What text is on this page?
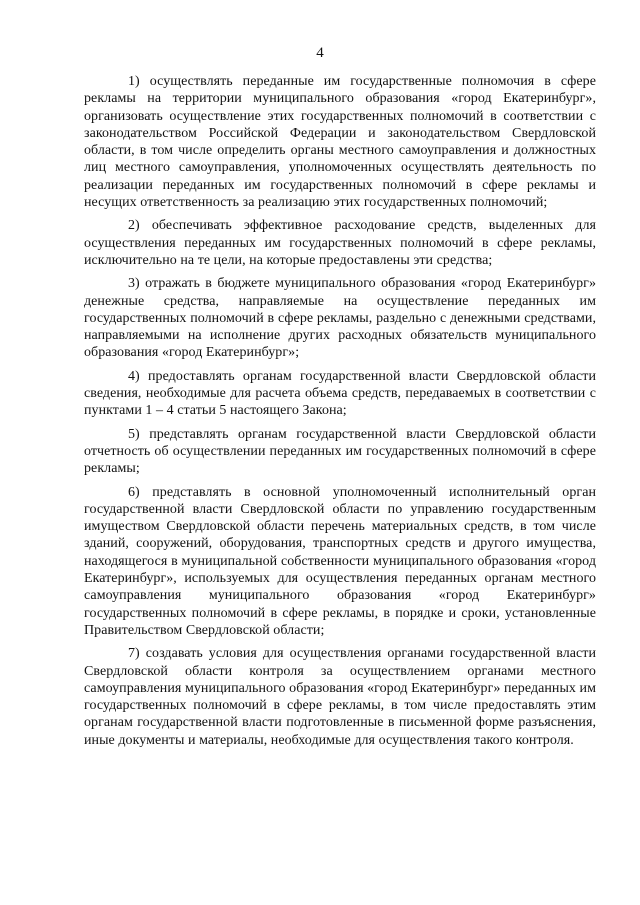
4

1) осуществлять переданные им государственные полномочия в сфере рекламы на территории муниципального образования «город Екатеринбург», организовать осуществление этих государственных полномочий в соответствии с законодательством Российской Федерации и законодательством Свердловской области, в том числе определить органы местного самоуправления и должностных лиц местного самоуправления, уполномоченных осуществлять деятельность по реализации переданных им государственных полномочий в сфере рекламы и несущих ответственность за реализацию этих государственных полномочий;

2) обеспечивать эффективное расходование средств, выделенных для осуществления переданных им государственных полномочий в сфере рекламы, исключительно на те цели, на которые предоставлены эти средства;

3) отражать в бюджете муниципального образования «город Екатеринбург» денежные средства, направляемые на осуществление переданных им государственных полномочий в сфере рекламы, раздельно с денежными средствами, направляемыми на исполнение других расходных обязательств муниципального образования «город Екатеринбург»;

4) предоставлять органам государственной власти Свердловской области сведения, необходимые для расчета объема средств, передаваемых в соответствии с пунктами 1 – 4 статьи 5 настоящего Закона;

5) представлять органам государственной власти Свердловской области отчетность об осуществлении переданных им государственных полномочий в сфере рекламы;

6) представлять в основной уполномоченный исполнительный орган государственной власти Свердловской области по управлению государственным имуществом Свердловской области перечень материальных средств, в том числе зданий, сооружений, оборудования, транспортных средств и другого имущества, находящегося в муниципальной собственности муниципального образования «город Екатеринбург», используемых для осуществления переданных органам местного самоуправления муниципального образования «город Екатеринбург» государственных полномочий в сфере рекламы, в порядке и сроки, установленные Правительством Свердловской области;

7) создавать условия для осуществления органами государственной власти Свердловской области контроля за осуществлением органами местного самоуправления муниципального образования «город Екатеринбург» переданных им государственных полномочий в сфере рекламы, в том числе предоставлять этим органам государственной власти подготовленные в письменной форме разъяснения, иные документы и материалы, необходимые для осуществления такого контроля.
